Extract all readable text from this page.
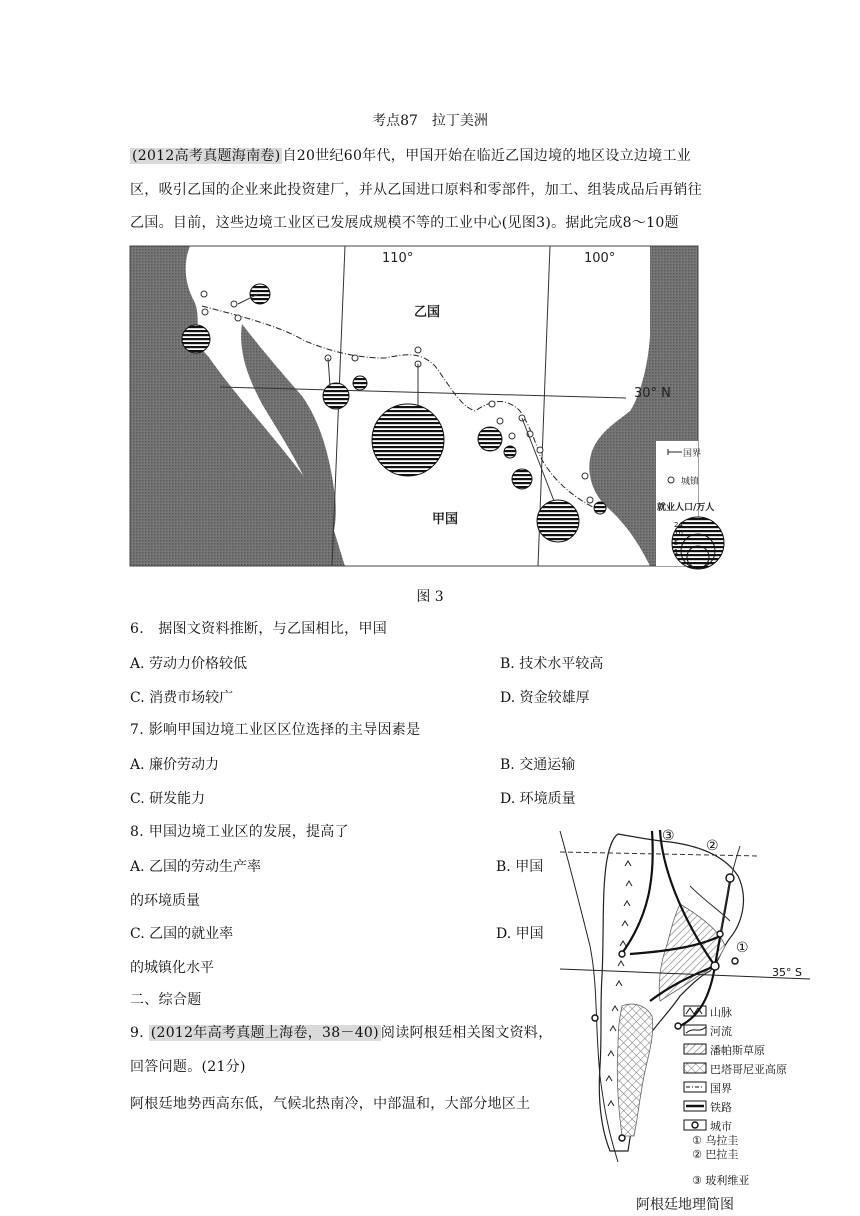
考点87　拉丁美洲
(2012高考真题海南卷) 自20世纪60年代，甲国开始在临近乙国边境的地区设立边境工业
区，吸引乙国的企业来此投资建厂，并从乙国进口原料和零部件，加工、组装成品后再销往
乙国。目前，这些边境工业区已发展成规模不等的工业中心(见图3)。据此完成8～10题
110°	100°
30° N
乙国
甲国
国界
城镇
就业人口/万人
24
10
5
1
图 3
6.　据图文资料推断，与乙国相比，甲国
A. 劳动力价格较低	B. 技术水平较高
C. 消费市场较广	D. 资金较雄厚
7. 影响甲国边境工业区区位选择的主导因素是
A. 廉价劳动力	B. 交通运输
C. 研发能力	D. 环境质量
8. 甲国边境工业区的发展，提高了
A. 乙国的劳动生产率	B. 甲国
的环境质量
C. 乙国的就业率	D. 甲国
的城镇化水平
二、综合题
9. (2012年高考真题上海卷，38－40) 阅读阿根廷相关图文资料，
回答问题。(21分)
阿根廷地势西高东低，气候北热南冷，中部温和，大部分地区土
③
②
①
35° S
山脉
河流
潘帕斯草原
巴塔哥尼亚高原
国界
铁路
城市
① 乌拉圭
② 巴拉圭
③ 玻利维亚
阿根廷地理简图
